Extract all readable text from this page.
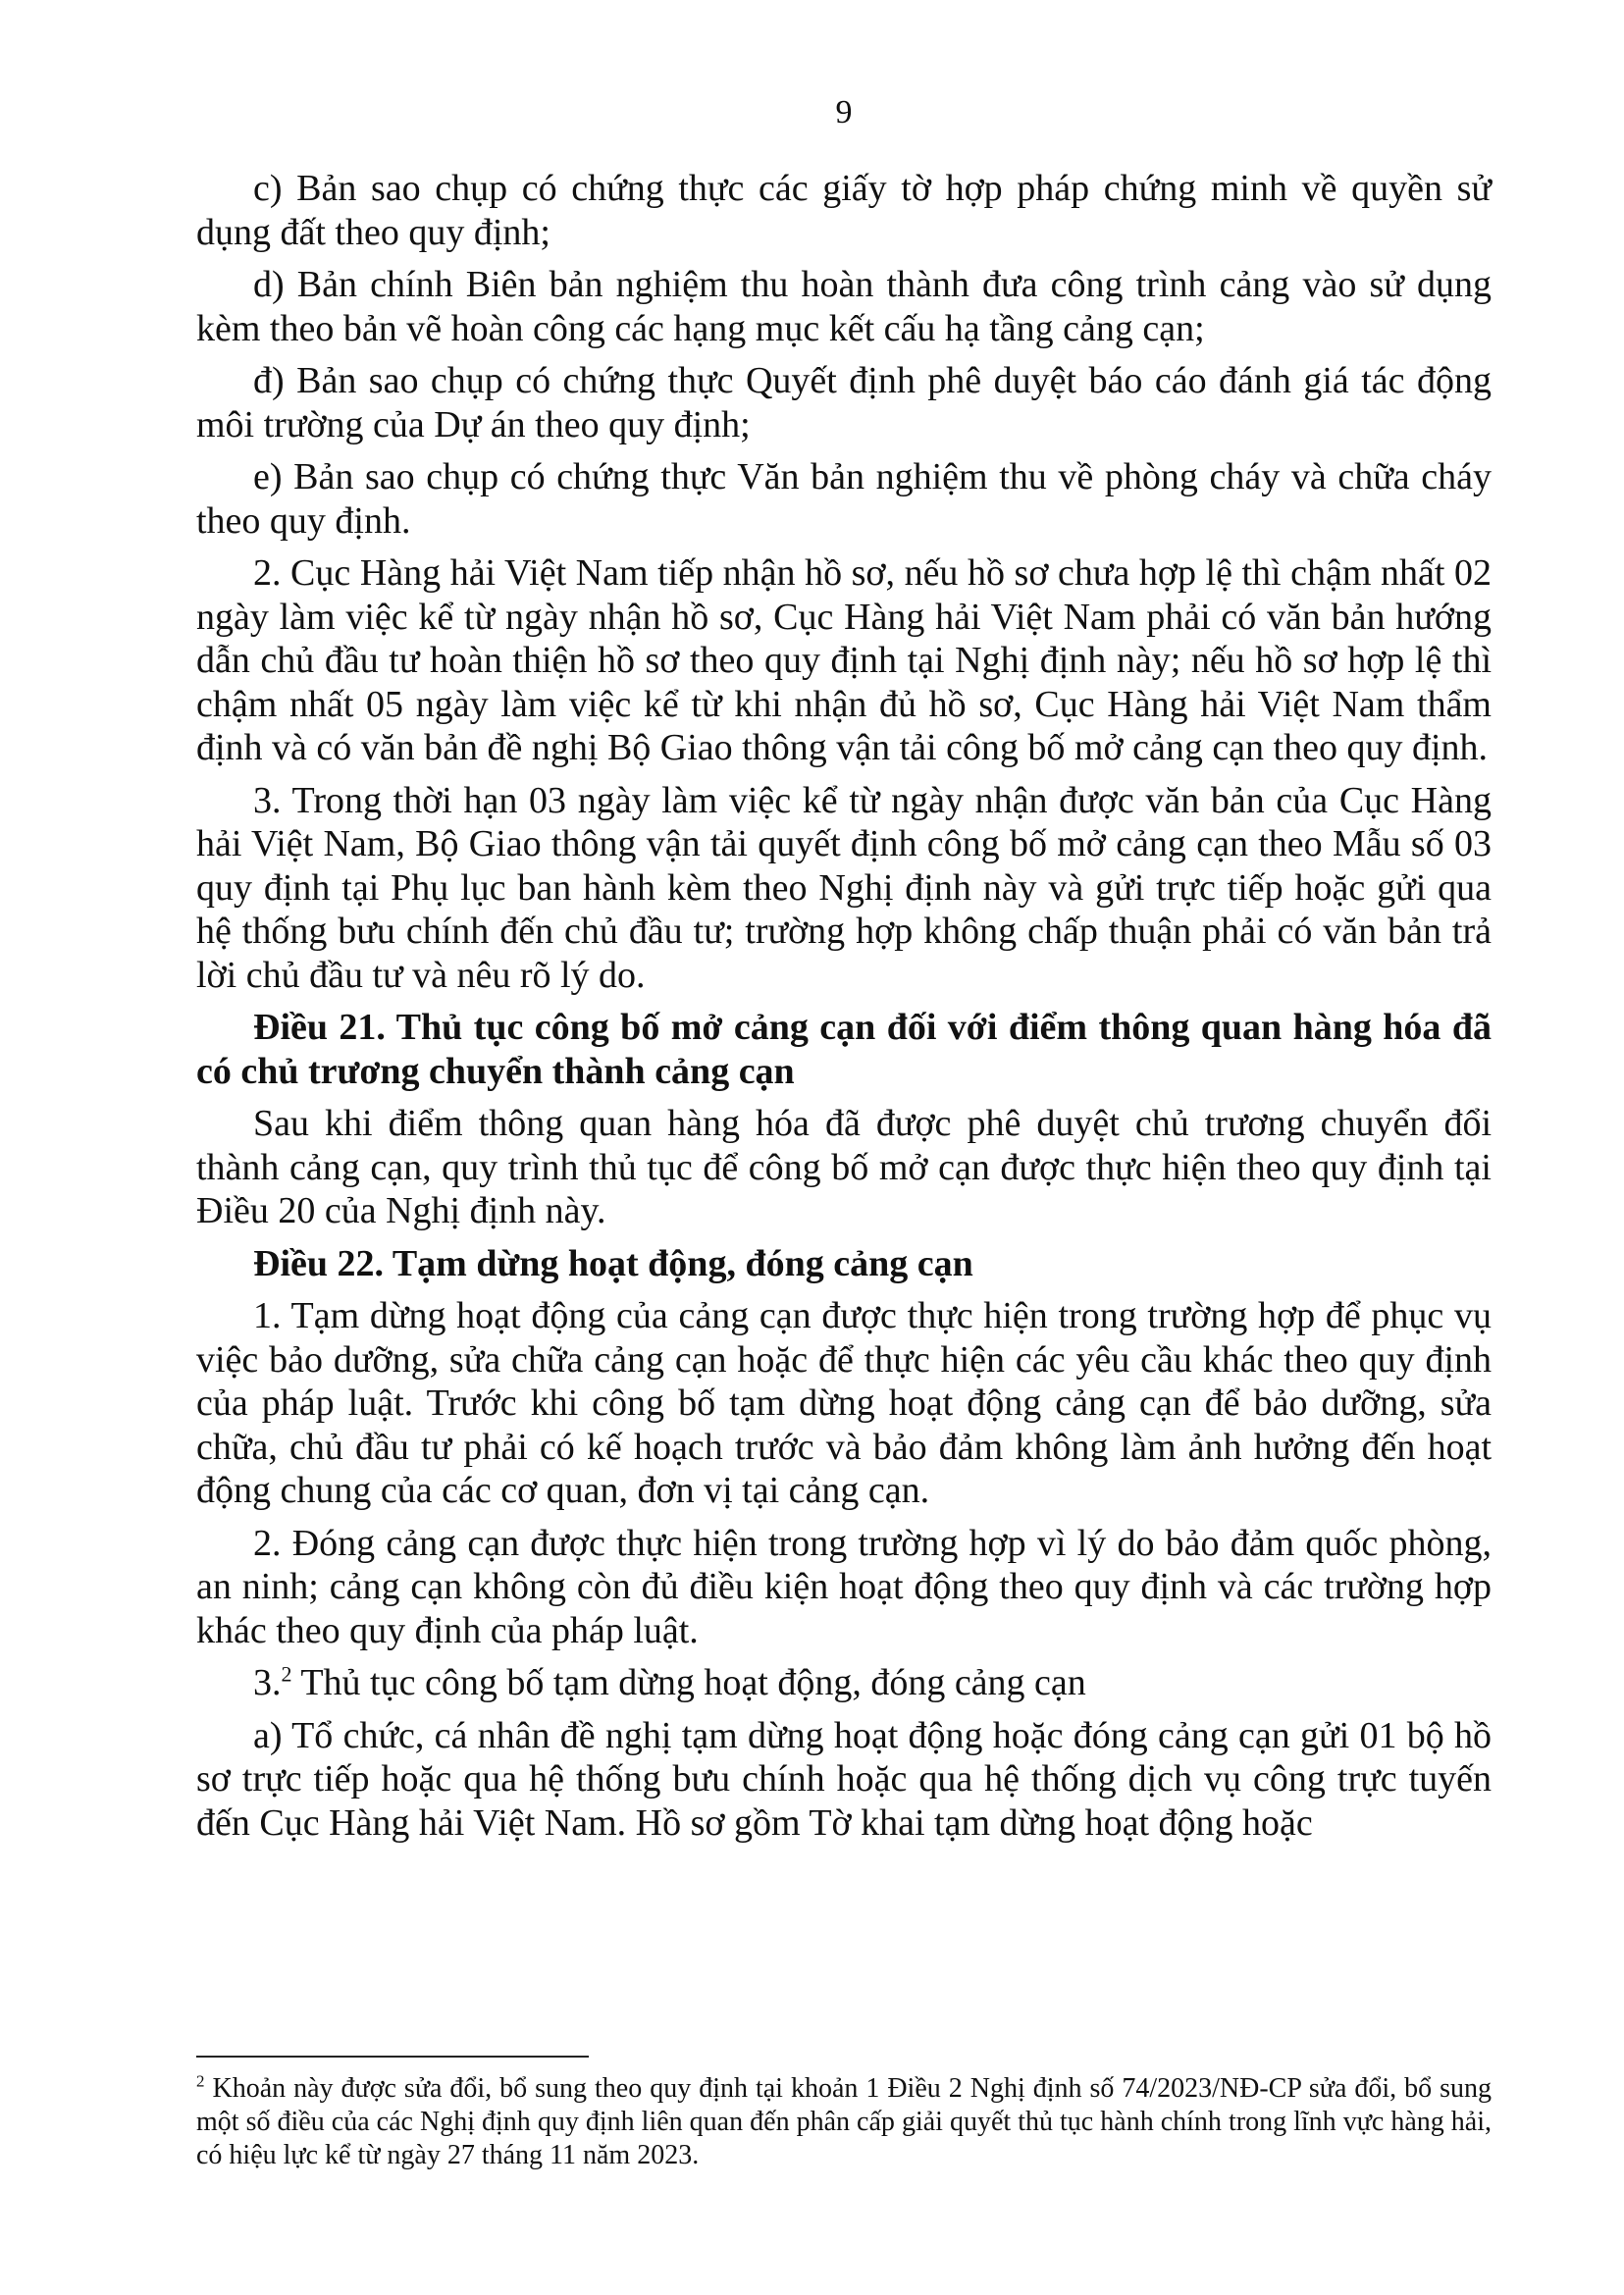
9

c) Bản sao chụp có chứng thực các giấy tờ hợp pháp chứng minh về quyền sử dụng đất theo quy định;

d) Bản chính Biên bản nghiệm thu hoàn thành đưa công trình cảng vào sử dụng kèm theo bản vẽ hoàn công các hạng mục kết cấu hạ tầng cảng cạn;

đ) Bản sao chụp có chứng thực Quyết định phê duyệt báo cáo đánh giá tác động môi trường của Dự án theo quy định;

e) Bản sao chụp có chứng thực Văn bản nghiệm thu về phòng cháy và chữa cháy theo quy định.

2. Cục Hàng hải Việt Nam tiếp nhận hồ sơ, nếu hồ sơ chưa hợp lệ thì chậm nhất 02 ngày làm việc kể từ ngày nhận hồ sơ, Cục Hàng hải Việt Nam phải có văn bản hướng dẫn chủ đầu tư hoàn thiện hồ sơ theo quy định tại Nghị định này; nếu hồ sơ hợp lệ thì chậm nhất 05 ngày làm việc kể từ khi nhận đủ hồ sơ, Cục Hàng hải Việt Nam thẩm định và có văn bản đề nghị Bộ Giao thông vận tải công bố mở cảng cạn theo quy định.

3. Trong thời hạn 03 ngày làm việc kể từ ngày nhận được văn bản của Cục Hàng hải Việt Nam, Bộ Giao thông vận tải quyết định công bố mở cảng cạn theo Mẫu số 03 quy định tại Phụ lục ban hành kèm theo Nghị định này và gửi trực tiếp hoặc gửi qua hệ thống bưu chính đến chủ đầu tư; trường hợp không chấp thuận phải có văn bản trả lời chủ đầu tư và nêu rõ lý do.

Điều 21. Thủ tục công bố mở cảng cạn đối với điểm thông quan hàng hóa đã có chủ trương chuyển thành cảng cạn

Sau khi điểm thông quan hàng hóa đã được phê duyệt chủ trương chuyển đổi thành cảng cạn, quy trình thủ tục để công bố mở cạn được thực hiện theo quy định tại Điều 20 của Nghị định này.

Điều 22. Tạm dừng hoạt động, đóng cảng cạn

1. Tạm dừng hoạt động của cảng cạn được thực hiện trong trường hợp để phục vụ việc bảo dưỡng, sửa chữa cảng cạn hoặc để thực hiện các yêu cầu khác theo quy định của pháp luật. Trước khi công bố tạm dừng hoạt động cảng cạn để bảo dưỡng, sửa chữa, chủ đầu tư phải có kế hoạch trước và bảo đảm không làm ảnh hưởng đến hoạt động chung của các cơ quan, đơn vị tại cảng cạn.

2. Đóng cảng cạn được thực hiện trong trường hợp vì lý do bảo đảm quốc phòng, an ninh; cảng cạn không còn đủ điều kiện hoạt động theo quy định và các trường hợp khác theo quy định của pháp luật.

3.$^2$ Thủ tục công bố tạm dừng hoạt động, đóng cảng cạn

a) Tổ chức, cá nhân đề nghị tạm dừng hoạt động hoặc đóng cảng cạn gửi 01 bộ hồ sơ trực tiếp hoặc qua hệ thống bưu chính hoặc qua hệ thống dịch vụ công trực tuyến đến Cục Hàng hải Việt Nam. Hồ sơ gồm Tờ khai tạm dừng hoạt động hoặc

$^2$ Khoản này được sửa đổi, bổ sung theo quy định tại khoản 1 Điều 2 Nghị định số 74/2023/NĐ-CP sửa đổi, bổ sung một số điều của các Nghị định quy định liên quan đến phân cấp giải quyết thủ tục hành chính trong lĩnh vực hàng hải, có hiệu lực kể từ ngày 27 tháng 11 năm 2023.
